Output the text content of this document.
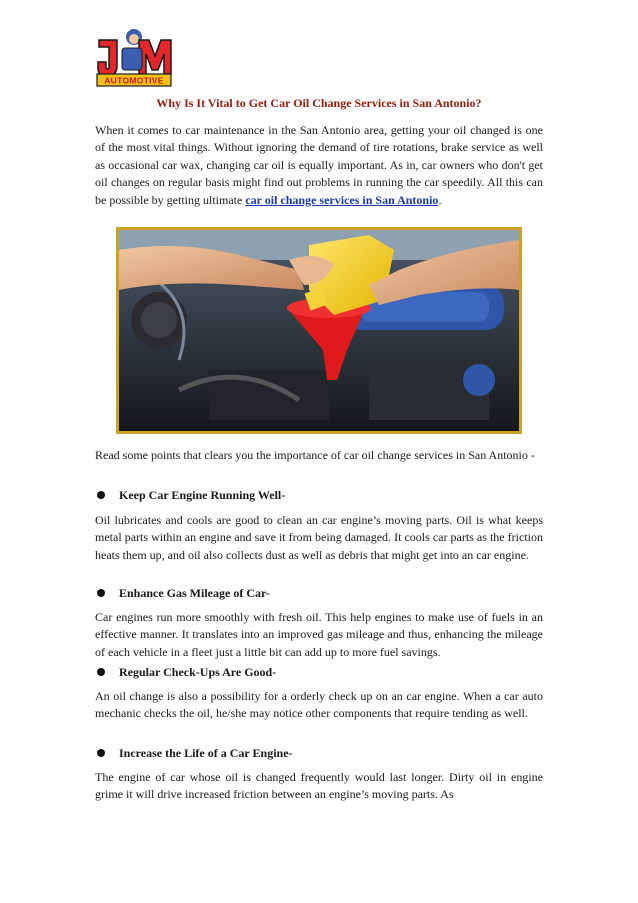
AUTOMOTIVE
Why Is It Vital to Get Car Oil Change Services in San Antonio?

When it comes to car maintenance in the San Antonio area, getting your oil changed is one of the most vital things. Without ignoring the demand of tire rotations, brake service as well as occasional car wax, changing car oil is equally important. As in, car owners who don't get oil changes on regular basis might find out problems in running the car speedily. All this can be possible by getting ultimate car oil change services in San Antonio.

Read some points that clears you the importance of car oil change services in San Antonio -

Keep Car Engine Running Well-

Oil lubricates and cools are good to clean an car engine’s moving parts. Oil is what keeps metal parts within an engine and save it from being damaged. It cools car parts as the friction heats them up, and oil also collects dust as well as debris that might get into an car engine.

Enhance Gas Mileage of Car-

Car engines run more smoothly with fresh oil. This help engines to make use of fuels in an effective manner. It translates into an improved gas mileage and thus, enhancing the mileage of each vehicle in a fleet just a little bit can add up to more fuel savings.

Regular Check-Ups Are Good-

An oil change is also a possibility for a orderly check up on an car engine. When a car auto mechanic checks the oil, he/she may notice other components that require tending as well.

Increase the Life of a Car Engine-

The engine of car whose oil is changed frequently would last longer. Dirty oil in engine grime it will drive increased friction between an engine’s moving parts. As
